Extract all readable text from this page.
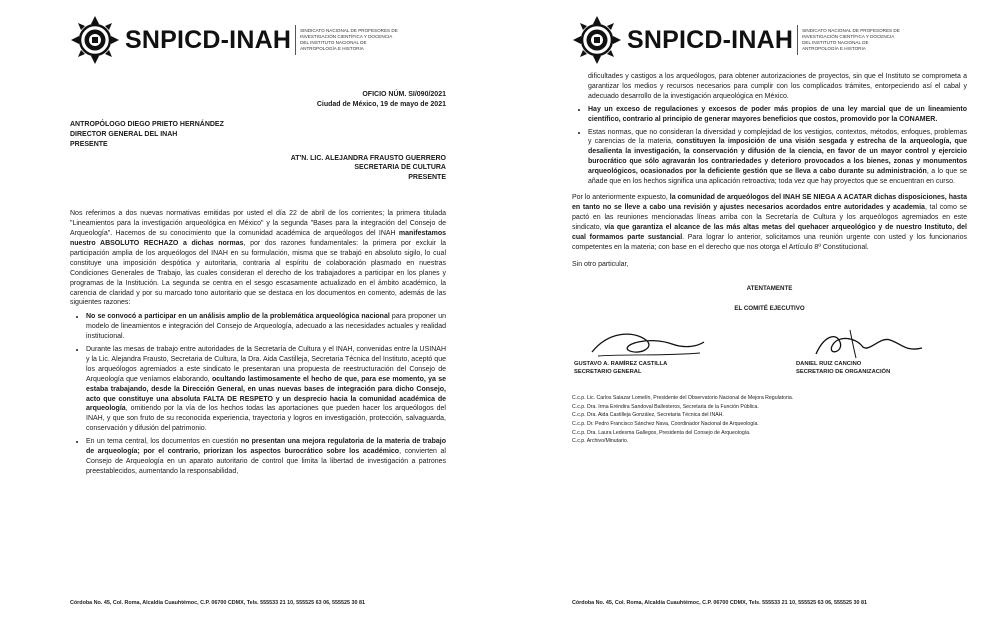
SNPICD-INAH SINDICATO NACIONAL DE PROFESORES DE INVESTIGACIÓN CIENTÍFICA Y DOCENCIA DEL INSTITUTO NACIONAL DE ANTROPOLOGÍA E HISTORIA
OFICIO NÚM. SI/090/2021
Ciudad de México, 19 de mayo de 2021
ANTROPÓLOGO DIEGO PRIETO HERNÁNDEZ
DIRECTOR GENERAL DEL INAH
PRESENTE
AT'N. LIC. ALEJANDRA FRAUSTO GUERRERO
SECRETARIA DE CULTURA
PRESENTE

Nos referimos a dos nuevas normativas emitidas por usted el día 22 de abril de los corrientes; la primera titulada "Lineamientos para la investigación arqueológica en México" y la segunda "Bases para la integración del Consejo de Arqueología". Hacemos de su conocimiento que la comunidad académica de arqueólogos del INAH manifestamos nuestro ABSOLUTO RECHAZO a dichas normas, por dos razones fundamentales: la primera por excluir la participación amplia de los arqueólogos del INAH en su formulación, misma que se trabajó en absoluto sigilo, lo cual constituye una imposición despótica y autoritaria, contraria al espíritu de colaboración plasmado en nuestras Condiciones Generales de Trabajo, las cuales consideran el derecho de los trabajadores a participar en los planes y programas de la Institución. La segunda se centra en el sesgo escasamente actualizado en el ámbito académico, la carencia de claridad y por su marcado tono autoritario que se destaca en los documentos en comento, además de las siguientes razones:

• No se convocó a participar en un análisis amplio de la problemática arqueológica nacional para proponer un modelo de lineamientos e integración del Consejo de Arqueología, adecuado a las necesidades actuales y realidad institucional.
• Durante las mesas de trabajo entre autoridades de la Secretaría de Cultura y el INAH, convenidas entre la USINAH y la Lic. Alejandra Frausto, Secretaria de Cultura, la Dra. Aida Castilleja, Secretaria Técnica del Instituto, aceptó que los arqueólogos agremiados a este sindicato le presentaran una propuesta de reestructuración del Consejo de Arqueología que veníamos elaborando, ocultando lastimosamente el hecho de que, para ese momento, ya se estaba trabajando, desde la Dirección General, en unas nuevas bases de integración para dicho Consejo, acto que constituye una absoluta FALTA DE RESPETO y un desprecio hacia la comunidad académica de arqueología, omitiendo por la vía de los hechos todas las aportaciones que pueden hacer los arqueólogos del INAH, y que son fruto de su reconocida experiencia, trayectoria y logros en investigación, protección, salvaguarda, conservación y difusión del patrimonio.
• En un tema central, los documentos en cuestión no presentan una mejora regulatoria de la materia de trabajo de arqueología; por el contrario, priorizan los aspectos burocrático sobre los académico, convierten al Consejo de Arqueología en un aparato autoritario de control que limita la libertad de investigación a patrones preestablecidos, aumentando la responsabilidad,
Córdoba No. 45, Col. Roma, Alcaldía Cuauhtémoc, C.P. 06700 CDMX, Tels. 555533 21 10, 555525 63 06, 555525 30 81
SNPICD-INAH SINDICATO NACIONAL DE PROFESORES DE INVESTIGACIÓN CIENTÍFICA Y DOCENCIA DEL INSTITUTO NACIONAL DE ANTROPOLOGÍA E HISTORIA
dificultades y castigos a los arqueólogos, para obtener autorizaciones de proyectos, sin que el Instituto se comprometa a garantizar los medios y recursos necesarios para cumplir con los complicados trámites, entorpeciendo así el cabal y adecuado desarrollo de la investigación arqueológica en México.
• Hay un exceso de regulaciones y excesos de poder más propios de una ley marcial que de un lineamiento científico, contrario al principio de generar mayores beneficios que costos, promovido por la CONAMER.
• Estas normas, que no consideran la diversidad y complejidad de los vestigios, contextos, métodos, enfoques, problemas y carencias de la materia, constituyen la imposición de una visión sesgada y estrecha de la arqueología, que desalienta la investigación, la conservación y difusión de la ciencia, en favor de un mayor control y ejercicio burocrático que sólo agravarán los contrariedades y deterioro provocados a los bienes, zonas y monumentos arqueológicos, ocasionados por la deficiente gestión que se lleva a cabo durante su administración, a lo que se añade que en los hechos significa una aplicación retroactiva; toda vez que hay proyectos que se encuentran en curso.

Por lo anteriormente expuesto, la comunidad de arqueólogos del INAH SE NIEGA A ACATAR dichas disposiciones, hasta en tanto no se lleve a cabo una revisión y ajustes necesarios acordados entre autoridades y academia, tal como se pactó en las reuniones mencionadas líneas arriba con la Secretaría de Cultura y los arqueólogos agremiados en este sindicato, vía que garantiza el alcance de las más altas metas del quehacer arqueológico y de nuestro Instituto, del cual formamos parte sustancial. Para lograr lo anterior, solicitamos una reunión urgente con usted y los funcionarios competentes en la materia; con base en el derecho que nos otorga el Artículo 8º Constitucional.

Sin otro particular,

ATENTAMENTE
EL COMITÉ EJECUTIVO
GUSTAVO A. RAMÍREZ CASTILLA
SECRETARIO GENERAL
DANIEL RUIZ CANCINO
SECRETARIO DE ORGANIZACIÓN

C.c.p. Lic. Carlos Salazar Lomelín, Presidente del Observatorio Nacional de Mejora Regulatoria.

C.c.p. Dra. Irma Eréndira Sandoval Ballesteros, Secretaria de la Función Pública.

C.c.p. Dra. Aida Castilleja González, Secretaria Técnica del INAH.

C.c.p. Dr. Pedro Francisco Sánchez Nava, Coordinador Nacional de Arqueología.

C.c.p. Dra. Laura Ledesma Gallegos, Presidenta del Consejo de Arqueología.

C.c.p. Archivo/Minutario.

Córdoba No. 45, Col. Roma, Alcaldía Cuauhtémoc, C.P. 06700 CDMX, Tels. 555533 21 10, 555525 63 06, 555525 30 81
